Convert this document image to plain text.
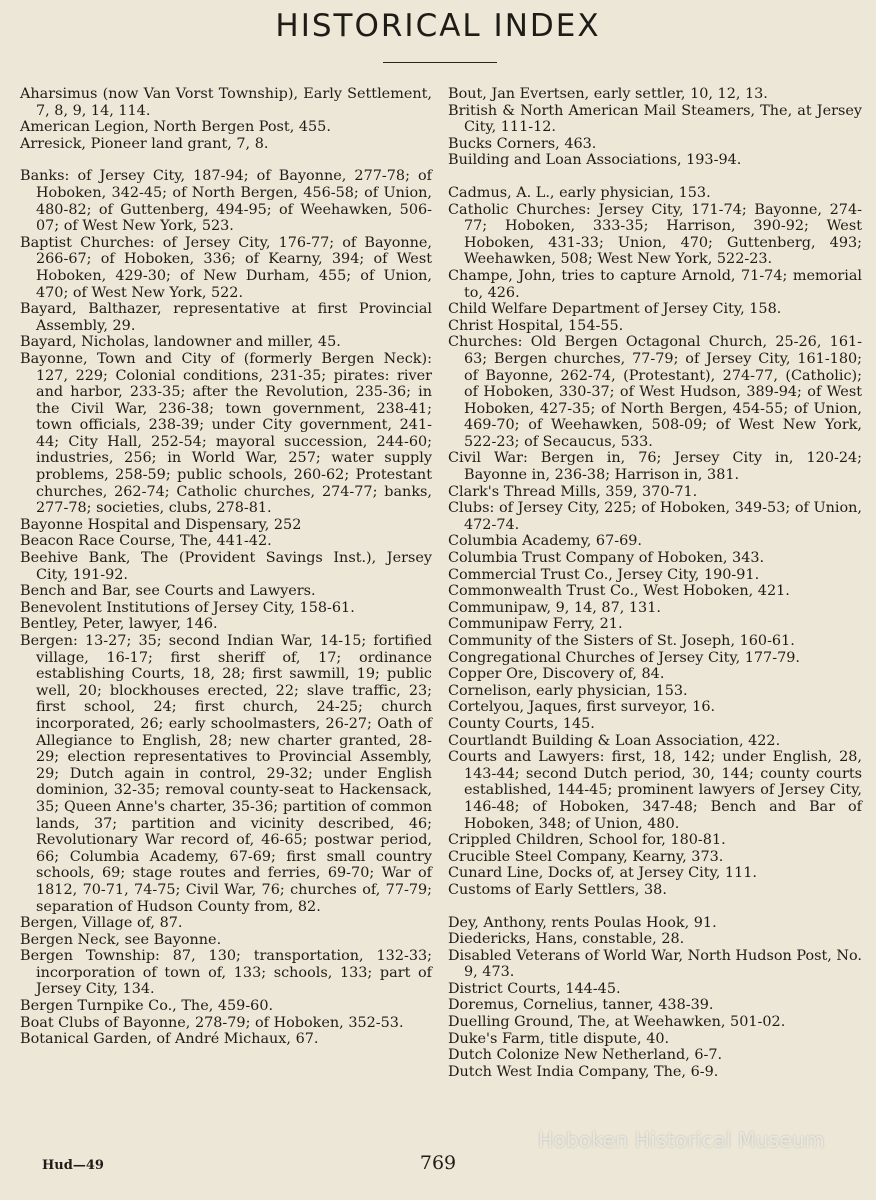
HISTORICAL INDEX
Aharsimus (now Van Vorst Township), Early Settlement, 7, 8, 9, 14, 114.
American Legion, North Bergen Post, 455.
Arresick, Pioneer land grant, 7, 8.
Banks: of Jersey City, 187-94; of Bayonne, 277-78; of Hoboken, 342-45; of North Bergen, 456-58; of Union, 480-82; of Guttenberg, 494-95; of Weehawken, 506-07; of West New York, 523.
Baptist Churches: of Jersey City, 176-77; of Bayonne, 266-67; of Hoboken, 336; of Kearny, 394; of West Hoboken, 429-30; of New Durham, 455; of Union, 470; of West New York, 522.
Bayard, Balthazer, representative at first Provincial Assembly, 29.
Bayard, Nicholas, landowner and miller, 45.
Bayonne, Town and City of (formerly Bergen Neck): 127, 229; Colonial conditions, 231-35; pirates: river and harbor, 233-35; after the Revolution, 235-36; in the Civil War, 236-38; town government, 238-41; town officials, 238-39; under City government, 241-44; City Hall, 252-54; mayoral succession, 244-60; industries, 256; in World War, 257; water supply problems, 258-59; public schools, 260-62; Protestant churches, 262-74; Catholic churches, 274-77; banks, 277-78; societies, clubs, 278-81.
Bayonne Hospital and Dispensary, 252
Beacon Race Course, The, 441-42.
Beehive Bank, The (Provident Savings Inst.), Jersey City, 191-92.
Bench and Bar, see Courts and Lawyers.
Benevolent Institutions of Jersey City, 158-61.
Bentley, Peter, lawyer, 146.
Bergen: 13-27; 35; second Indian War, 14-15; fortified village, 16-17; first sheriff of, 17; ordinance establishing Courts, 18, 28; first sawmill, 19; public well, 20; blockhouses erected, 22; slave traffic, 23; first school, 24; first church, 24-25; church incorporated, 26; early schoolmasters, 26-27; Oath of Allegiance to English, 28; new charter granted, 28-29; election representatives to Provincial Assembly, 29; Dutch again in control, 29-32; under English dominion, 32-35; removal county-seat to Hackensack, 35; Queen Anne's charter, 35-36; partition of common lands, 37; partition and vicinity described, 46; Revolutionary War record of, 46-65; postwar period, 66; Columbia Academy, 67-69; first small country schools, 69; stage routes and ferries, 69-70; War of 1812, 70-71, 74-75; Civil War, 76; churches of, 77-79; separation of Hudson County from, 82.
Bergen, Village of, 87.
Bergen Neck, see Bayonne.
Bergen Township: 87, 130; transportation, 132-33; incorporation of town of, 133; schools, 133; part of Jersey City, 134.
Bergen Turnpike Co., The, 459-60.
Boat Clubs of Bayonne, 278-79; of Hoboken, 352-53.
Botanical Garden, of André Michaux, 67.
Bout, Jan Evertsen, early settler, 10, 12, 13.
British & North American Mail Steamers, The, at Jersey City, 111-12.
Bucks Corners, 463.
Building and Loan Associations, 193-94.
Cadmus, A. L., early physician, 153.
Catholic Churches: Jersey City, 171-74; Bayonne, 274-77; Hoboken, 333-35; Harrison, 390-92; West Hoboken, 431-33; Union, 470; Guttenberg, 493; Weehawken, 508; West New York, 522-23.
Champe, John, tries to capture Arnold, 71-74; memorial to, 426.
Child Welfare Department of Jersey City, 158.
Christ Hospital, 154-55.
Churches: Old Bergen Octagonal Church, 25-26, 161-63; Bergen churches, 77-79; of Jersey City, 161-180; of Bayonne, 262-74, (Protestant), 274-77, (Catholic); of Hoboken, 330-37; of West Hudson, 389-94; of West Hoboken, 427-35; of North Bergen, 454-55; of Union, 469-70; of Weehawken, 508-09; of West New York, 522-23; of Secaucus, 533.
Civil War: Bergen in, 76; Jersey City in, 120-24; Bayonne in, 236-38; Harrison in, 381.
Clark's Thread Mills, 359, 370-71.
Clubs: of Jersey City, 225; of Hoboken, 349-53; of Union, 472-74.
Columbia Academy, 67-69.
Columbia Trust Company of Hoboken, 343.
Commercial Trust Co., Jersey City, 190-91.
Commonwealth Trust Co., West Hoboken, 421.
Communipaw, 9, 14, 87, 131.
Communipaw Ferry, 21.
Community of the Sisters of St. Joseph, 160-61.
Congregational Churches of Jersey City, 177-79.
Copper Ore, Discovery of, 84.
Cornelison, early physician, 153.
Cortelyou, Jaques, first surveyor, 16.
County Courts, 145.
Courtlandt Building & Loan Association, 422.
Courts and Lawyers: first, 18, 142; under English, 28, 143-44; second Dutch period, 30, 144; county courts established, 144-45; prominent lawyers of Jersey City, 146-48; of Hoboken, 347-48; Bench and Bar of Hoboken, 348; of Union, 480.
Crippled Children, School for, 180-81.
Crucible Steel Company, Kearny, 373.
Cunard Line, Docks of, at Jersey City, 111.
Customs of Early Settlers, 38.
Dey, Anthony, rents Poulas Hook, 91.
Diedericks, Hans, constable, 28.
Disabled Veterans of World War, North Hudson Post, No. 9, 473.
District Courts, 144-45.
Doremus, Cornelius, tanner, 438-39.
Duelling Ground, The, at Weehawken, 501-02.
Duke's Farm, title dispute, 40.
Dutch Colonize New Netherland, 6-7.
Dutch West India Company, The, 6-9.
Hud—49	769
Hoboken Historical Museum
